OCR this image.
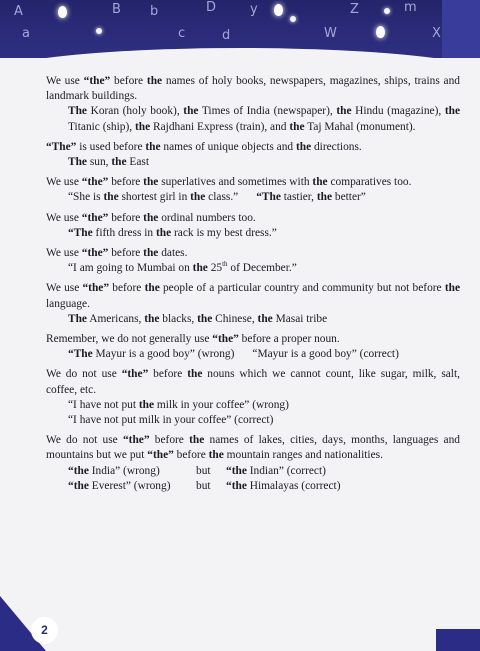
A	B b	D	y	Z	m
a	c	d	W	X
We use “the” before the names of holy books, newspapers, magazines, ships, trains and landmark buildings.
The Koran (holy book), the Times of India (newspaper), the Hindu (magazine), the Titanic (ship), the Rajdhani Express (train), and the Taj Mahal (monument).
“The” is used before the names of unique objects and the directions.
The sun, the East
We use “the” before the superlatives and sometimes with the comparatives too.
“She is the shortest girl in the class.” “The tastier, the better”
We use “the” before the ordinal numbers too.
“The fifth dress in the rack is my best dress.”
We use “the” before the dates.
“I am going to Mumbai on the 25th of December.”
We use “the” before the people of a particular country and community but not before the language.
The Americans, the blacks, the Chinese, the Masai tribe
Remember, we do not generally use “the” before a proper noun.
“The Mayur is a good boy” (wrong) “Mayur is a good boy” (correct)
We do not use “the” before the nouns which we cannot count, like sugar, milk, salt, coffee, etc.
“I have not put the milk in your coffee” (wrong)
“I have not put milk in your coffee” (correct)
We do not use “the” before the names of lakes, cities, days, months, languages and mountains but we put “the” before the mountain ranges and nationalities.
“the India” (wrong)	but “the Indian” (correct)
“the Everest” (wrong) but “the Himalayas (correct)
2
